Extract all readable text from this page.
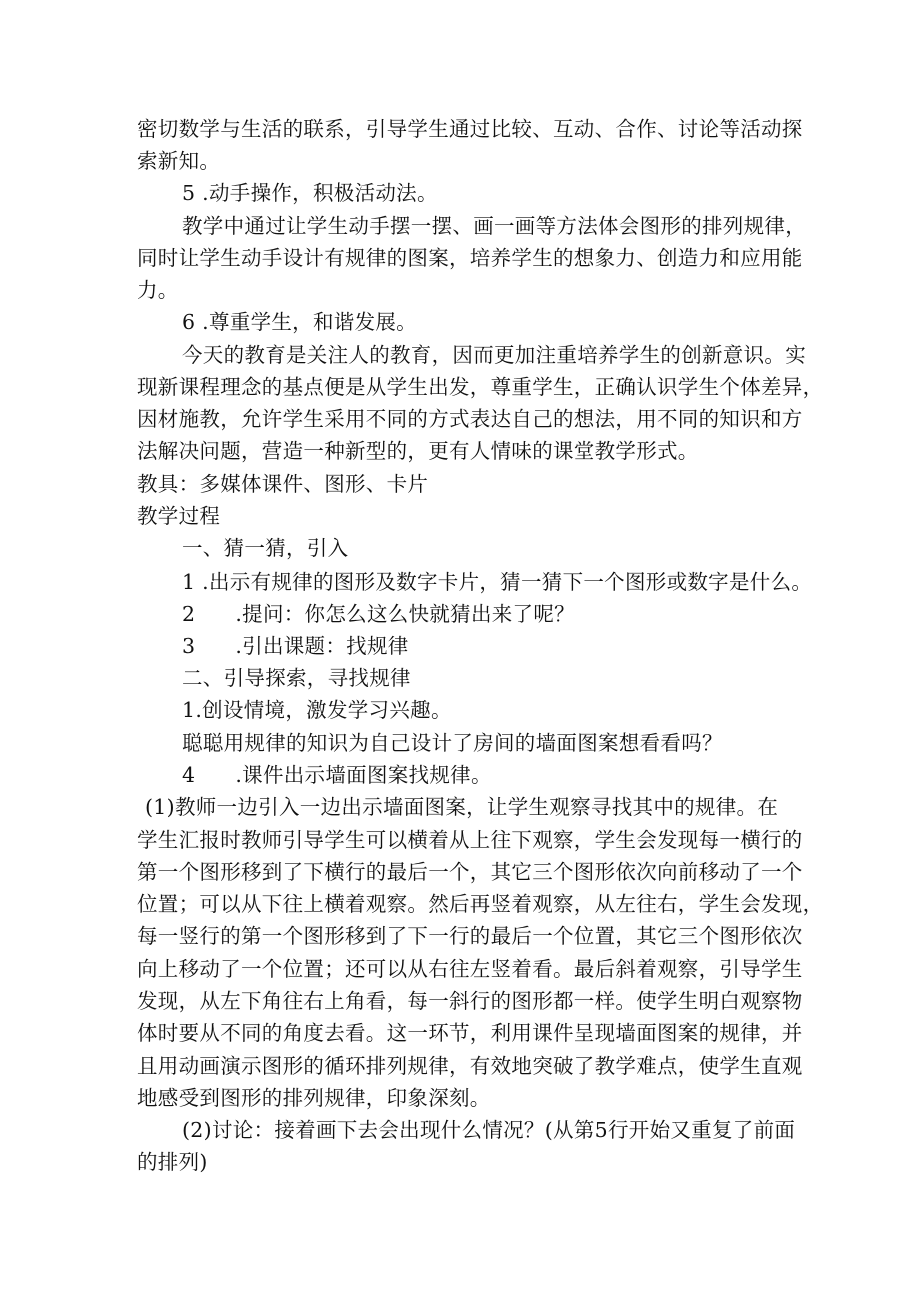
密切数学与生活的联系，引导学生通过比较、互动、合作、讨论等活动探
索新知。
5 .动手操作，积极活动法。
教学中通过让学生动手摆一摆、画一画等方法体会图形的排列规律，
同时让学生动手设计有规律的图案，培养学生的想象力、创造力和应用能
力。
6 .尊重学生，和谐发展。
今天的教育是关注人的教育，因而更加注重培养学生的创新意识。实
现新课程理念的基点便是从学生出发，尊重学生，正确认识学生个体差异，
因材施教，允许学生采用不同的方式表达自己的想法，用不同的知识和方
法解决问题，营造一种新型的，更有人情味的课堂教学形式。
教具：多媒体课件、图形、卡片
教学过程
一、猜一猜，引入
1 .出示有规律的图形及数字卡片，猜一猜下一个图形或数字是什么。
2 .提问：你怎么这么快就猜出来了呢？
3 .引出课题：找规律
二、引导探索，寻找规律
1.创设情境，激发学习兴趣。
聪聪用规律的知识为自己设计了房间的墙面图案想看看吗？
4 .课件出示墙面图案找规律。
(1)教师一边引入一边出示墙面图案，让学生观察寻找其中的规律。在
学生汇报时教师引导学生可以横着从上往下观察，学生会发现每一横行的
第一个图形移到了下横行的最后一个，其它三个图形依次向前移动了一个
位置；可以从下往上横着观察。然后再竖着观察，从左往右，学生会发现，
每一竖行的第一个图形移到了下一行的最后一个位置，其它三个图形依次
向上移动了一个位置；还可以从右往左竖着看。最后斜着观察，引导学生
发现，从左下角往右上角看，每一斜行的图形都一样。使学生明白观察物
体时要从不同的角度去看。这一环节，利用课件呈现墙面图案的规律，并
且用动画演示图形的循环排列规律，有效地突破了教学难点，使学生直观
地感受到图形的排列规律，印象深刻。
(2)讨论：接着画下去会出现什么情况？(从第5行开始又重复了前面
的排列)
